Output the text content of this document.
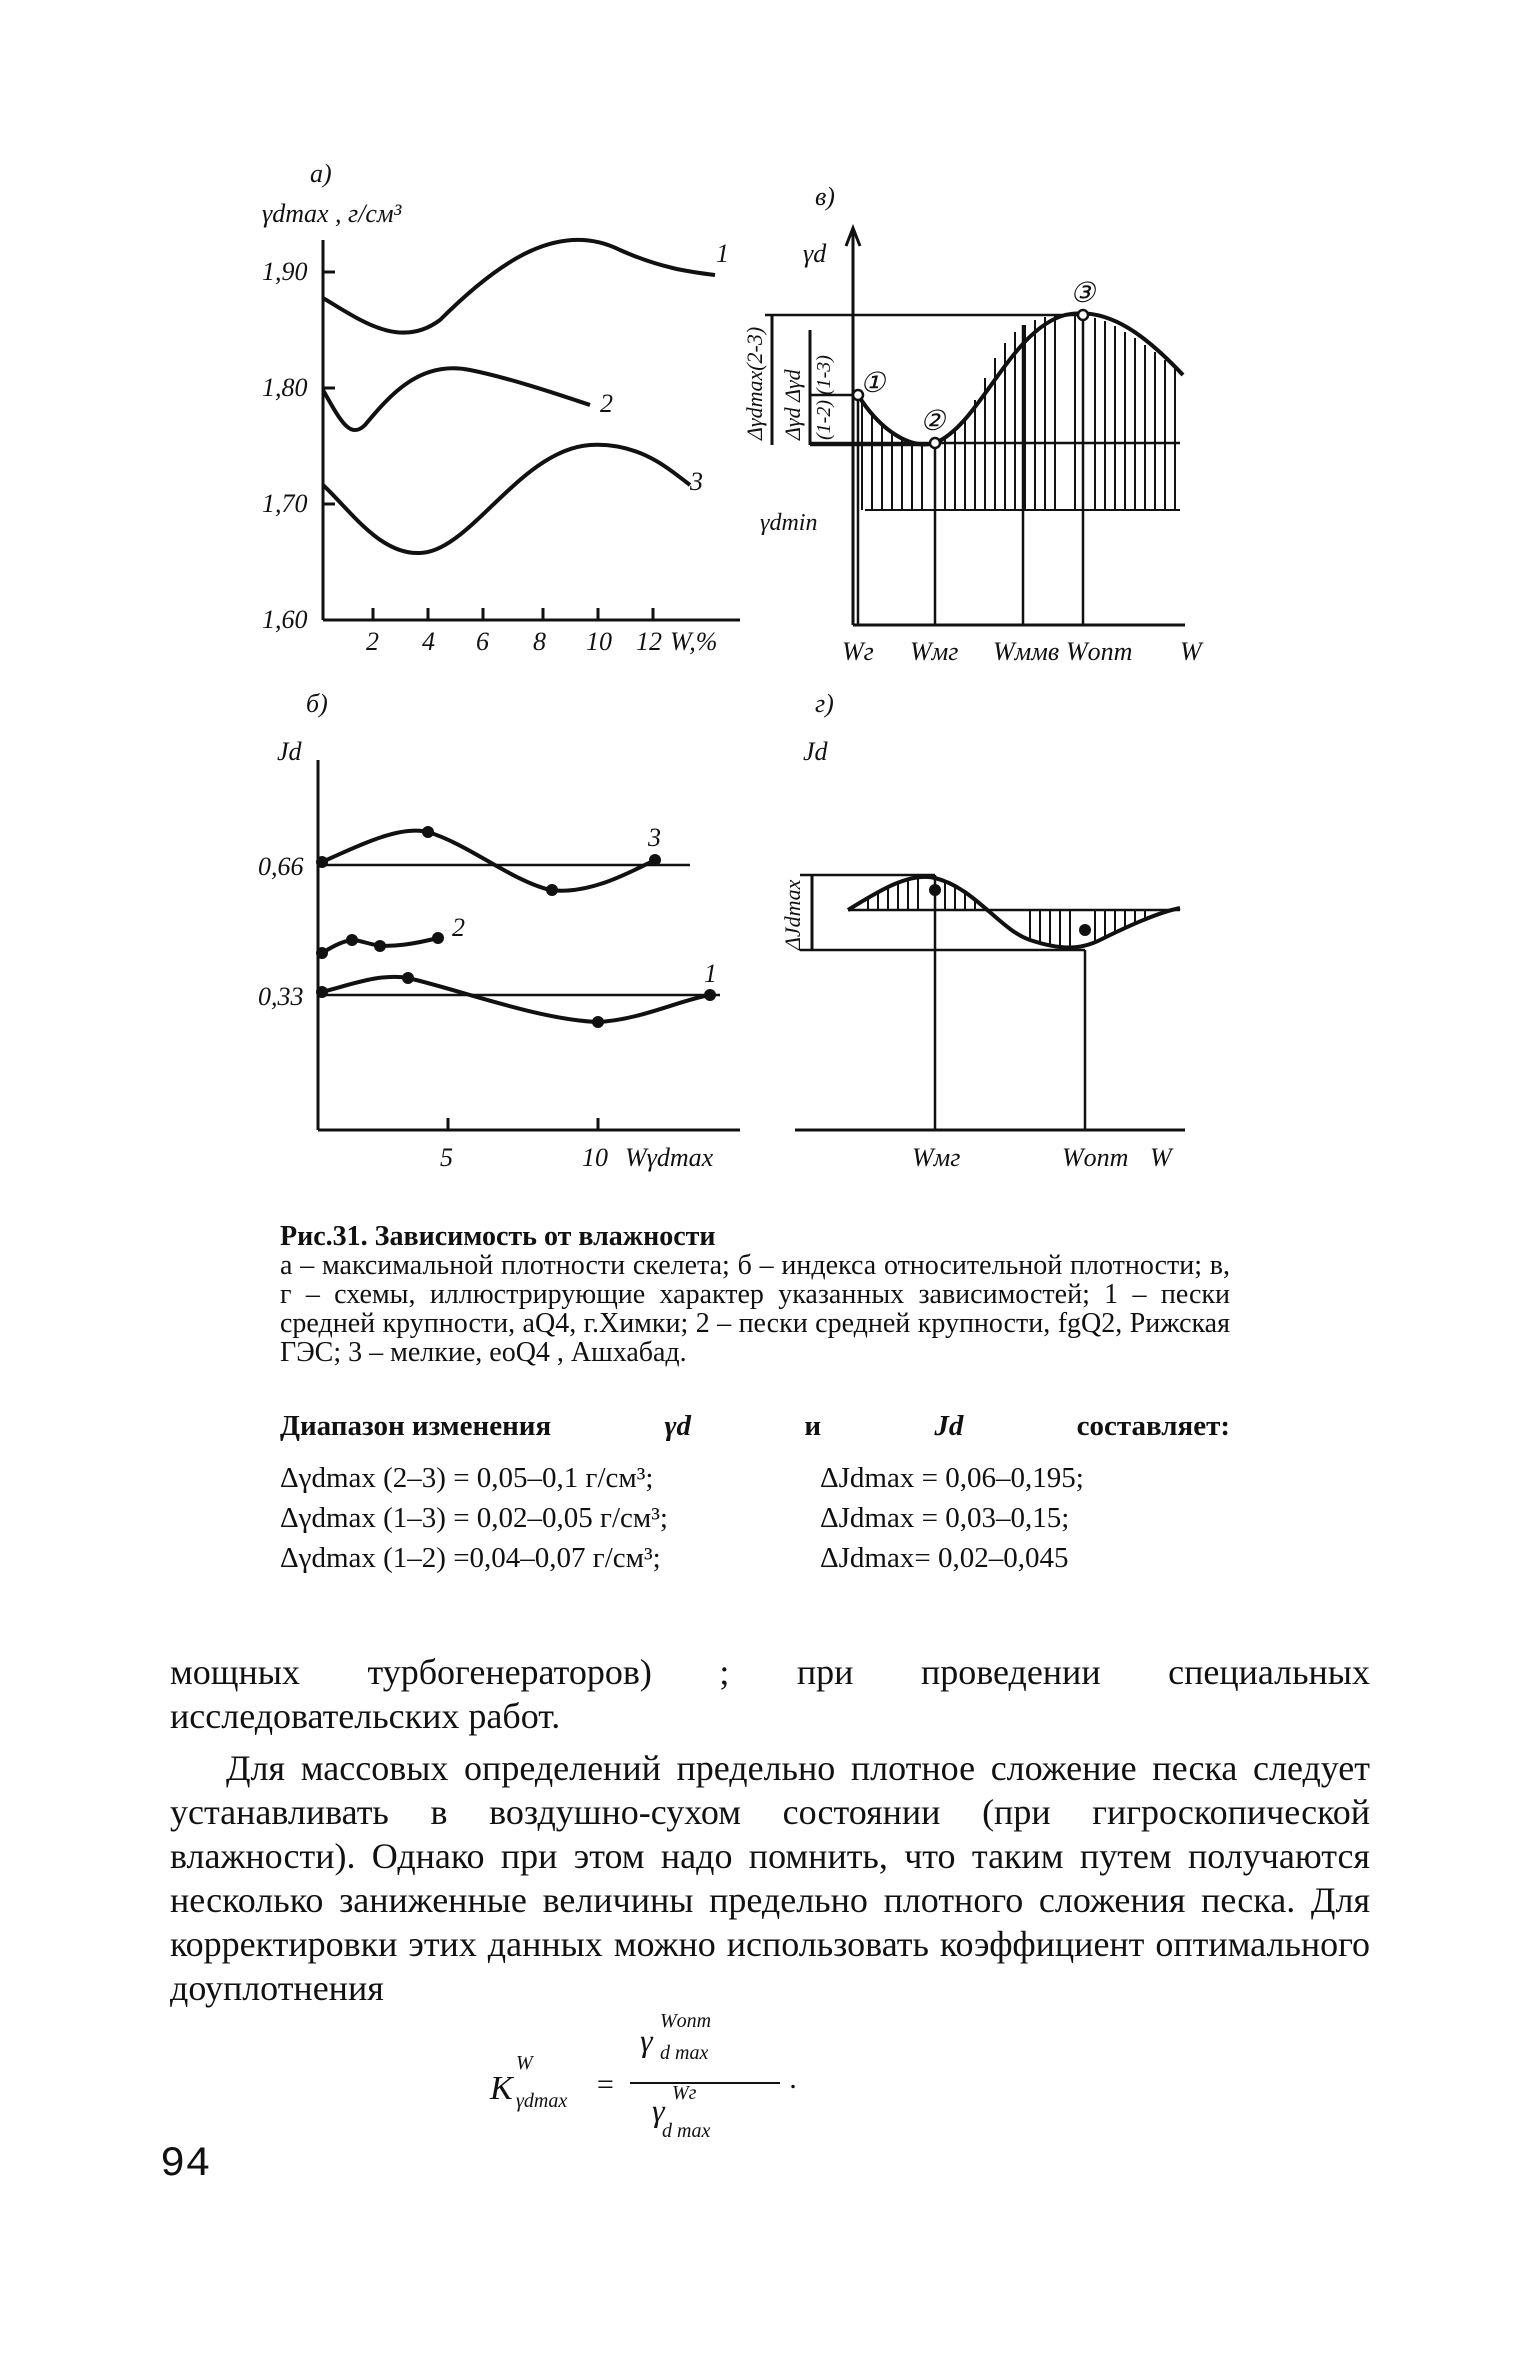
а)
γdmax , г/см³
1,90
1,80
1,70
1,60
2 4 6 8 10 12 W,%
1
2
3
б)
Jd
0,66
0,33
5	10 Wγdmax
3
2
1
в)
γd
γdmin
Δγdmax(2-3) Δγd Δγd (1-2) (1-3) ①
②
③
Wг Wмг Wммв Wопт W
г)
Jd
ΔJdmax
Wмг	Wопт W
Рис.31. Зависимость от влажности
а – максимальной плотности скелета; б – индекса относительной плотности; в, г – схемы, иллюстрирующие характер указанных зависимостей; 1 – пески средней крупности, аQ4, г.Химки; 2 – пески средней крупности, fgQ2, Рижская ГЭС; 3 – мелкие, eoQ4 , Ашхабад.
Диапазон изменения	γd	и	Jd	составляет:
Δγdmax (2–3) = 0,05–0,1 г/см³;	ΔJdmax = 0,06–0,195;
Δγdmax (1–3) = 0,02–0,05 г/см³;	ΔJdmax = 0,03–0,15;
Δγdmax (1–2) =0,04–0,07 г/см³;	ΔJdmax= 0,02–0,045

мощных турбогенераторов) ; при проведении специальных исследовательских работ.

Для массовых определений предельно плотное сложение песка следует устанавливать в воздушно-сухом состоянии (при гигроскопической влажности). Однако при этом надо помнить, что таким путем получаются несколько заниженные величины предельно плотного сложения песка. Для корректировки этих данных можно использовать коэффициент оптимального доуплотнения

K
W
γdmax =
γ
Wопт
d max
γ Wг
d max
.
94
